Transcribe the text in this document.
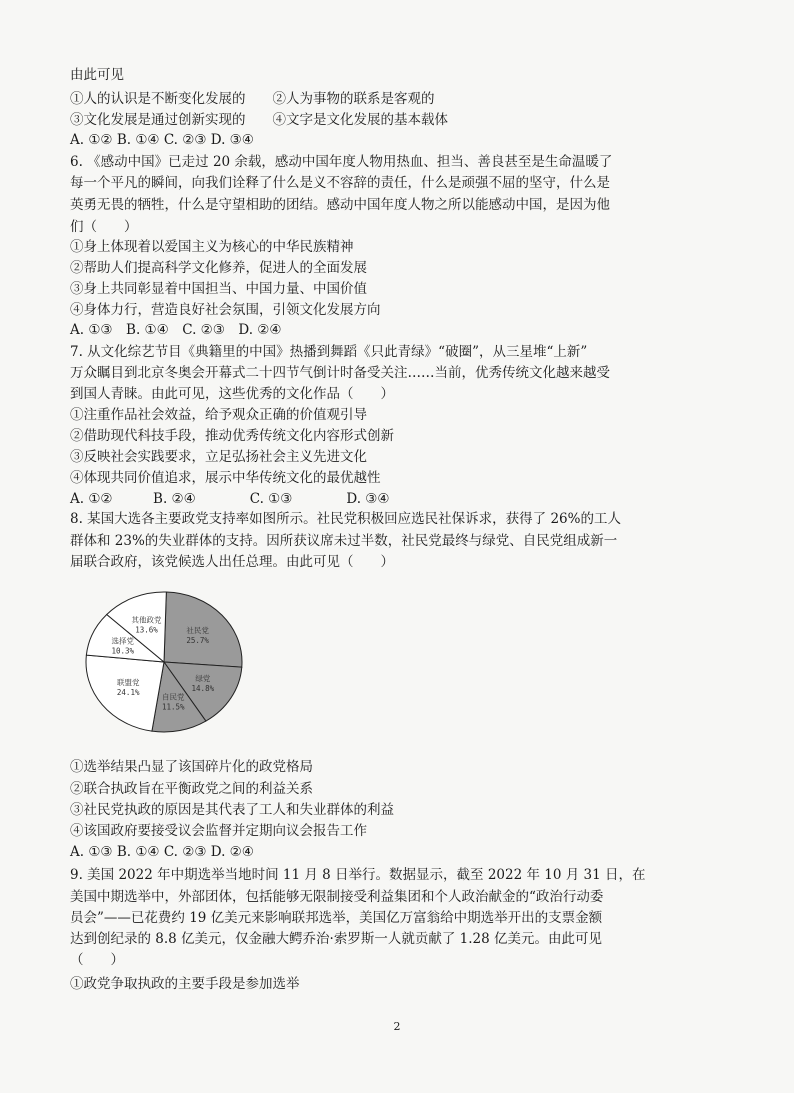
由此可见
①人的认识是不断变化发展的　　②人为事物的联系是客观的
③文化发展是通过创新实现的　　④文字是文化发展的基本载体
A. ①② B. ①④ C. ②③ D. ③④
6. 《感动中国》已走过 20 余载，感动中国年度人物用热血、担当、善良甚至是生命温暖了
每一个平凡的瞬间，向我们诠释了什么是义不容辞的责任，什么是顽强不屈的坚守，什么是
英勇无畏的牺牲，什么是守望相助的团结。感动中国年度人物之所以能感动中国，是因为他
们（　　）
①身上体现着以爱国主义为核心的中华民族精神
②帮助人们提高科学文化修养，促进人的全面发展
③身上共同彰显着中国担当、中国力量、中国价值
④身体力行，营造良好社会氛围，引领文化发展方向
A. ①③　B. ①④　C. ②③　D. ②④
7. 从文化综艺节目《典籍里的中国》热播到舞蹈《只此青绿》“破圈”，从三星堆“上新”
万众瞩目到北京冬奥会开幕式二十四节气倒计时备受关注……当前，优秀传统文化越来越受
到国人青睐。由此可见，这些优秀的文化作品（　　）
①注重作品社会效益，给予观众正确的价值观引导
②借助现代科技手段，推动优秀传统文化内容形式创新
③反映社会实践要求，立足弘扬社会主义先进文化
④体现共同价值追求，展示中华传统文化的最优越性
A. ①②　　　B. ②④　　　　C. ①③　　　　D. ③④
8. 某国大选各主要政党支持率如图所示。社民党积极回应选民社保诉求，获得了 26%的工人
群体和 23%的失业群体的支持。因所获议席未过半数，社民党最终与绿党、自民党组成新一
届联合政府，该党候选人出任总理。由此可见（　　）
①选举结果凸显了该国碎片化的政党格局
②联合执政旨在平衡政党之间的利益关系
③社民党执政的原因是其代表了工人和失业群体的利益
④该国政府要接受议会监督并定期向议会报告工作
A. ①③ B. ①④ C. ②③ D. ②④
9. 美国 2022 年中期选举当地时间 11 月 8 日举行。数据显示，截至 2022 年 10 月 31 日，在
美国中期选举中，外部团体，包括能够无限制接受利益集团和个人政治献金的“政治行动委
员会”——已花费约 19 亿美元来影响联邦选举，美国亿万富翁给中期选举开出的支票金额
达到创纪录的 8.8 亿美元，仅金融大鳄乔治·索罗斯一人就贡献了 1.28 亿美元。由此可见
（　　）
①政党争取执政的主要手段是参加选举
社民党
25.7%
绿党
14.8%
自民党
11.5%
联盟党
24.1%
选择党
10.3%
其他政党
13.6%
2
